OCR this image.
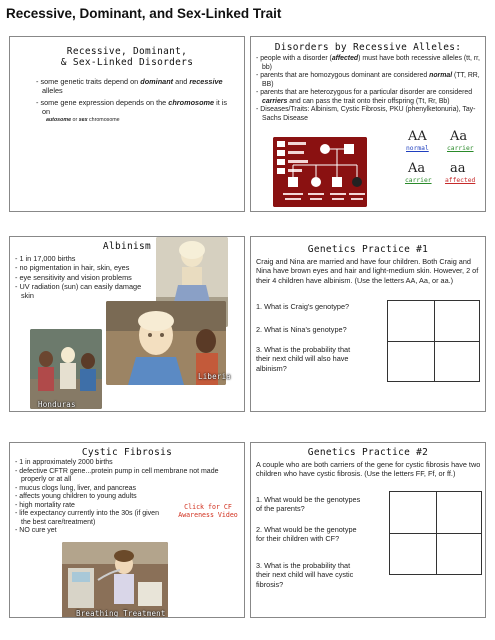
Recessive, Dominant, and Sex-Linked Trait
Recessive, Dominant,
& Sex-Linked Disorders
- some genetic traits depend on dominant and recessive alleles
- some gene expression depends on the chromosome it is on
autosome or sex chromosome
Disorders by Recessive Alleles:
- people with a disorder (affected) must have both recessive alleles (tt, rr, bb)
- parents that are homozygous dominant are considered normal (TT, RR, BB)
- parents that are heterozygous for a particular disorder are considered carriers and can pass the trait onto their offspring (Tt, Rr, Bb)
- Diseases/Traits: Albinism, Cystic Fibrosis, PKU (phenylketonuria), Tay-Sachs Disease
AA
normal
Aa
carrier
Aa
carrier
aa
affected
Albinism
- 1 in 17,000 births
- no pigmentation in hair, skin, eyes
- eye sensitivity and vision problems
- UV radiation (sun) can easily damage skin
Honduras
Liberia
Genetics Practice #1
Craig and Nina are married and have four children. Both Craig and Nina have brown eyes and hair and light-medium skin. However, 2 of their 4 children have albinism. (Use the letters AA, Aa, or aa.)
1. What is Craig's genotype?
2. What is Nina's genotype?
3. What is the probability that their next child will also have albinism?
Cystic Fibrosis
- 1 in approximately 2000 births
- defective CFTR gene...protein pump in cell membrane not made properly or at all
- mucus clogs lung, liver, and pancreas
- affects young children to young adults
- high mortality rate
- life expectancy currently into the 30s (if given the best care/treatment)
- NO cure yet
Click for CF Awareness Video
Breathing Treatment
Genetics Practice #2
A couple who are both carriers of the gene for cystic fibrosis have two children who have cystic fibrosis. (Use the letters FF, Ff, or ff.)
1. What would be the genotypes of the parents?
2. What would be the genotype for their children with CF?
3. What is the probability that their next child will have cystic fibrosis?
